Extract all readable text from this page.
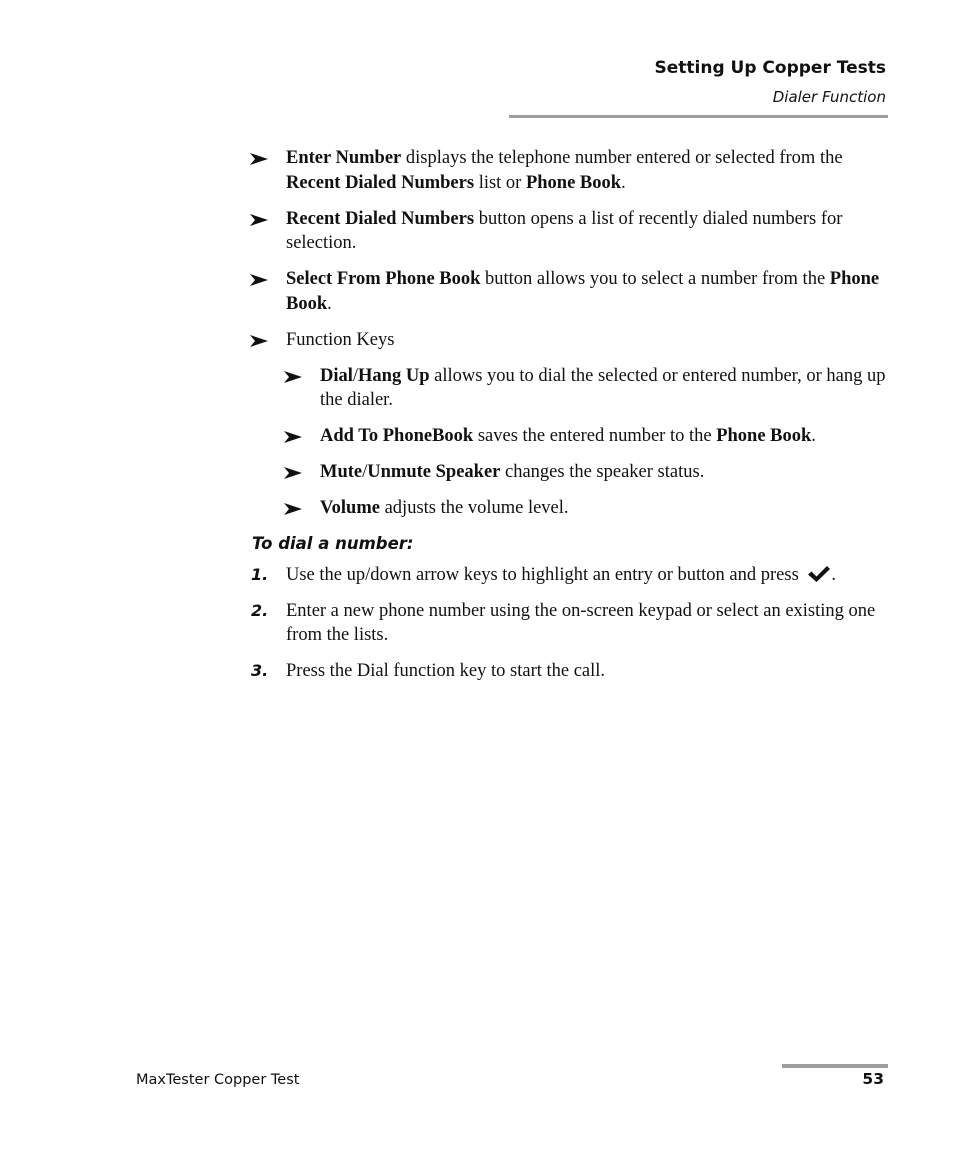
Setting Up Copper Tests
Dialer Function
Enter Number displays the telephone number entered or selected from the Recent Dialed Numbers list or Phone Book.
Recent Dialed Numbers button opens a list of recently dialed numbers for selection.
Select From Phone Book button allows you to select a number from the Phone Book.
Function Keys
Dial/Hang Up allows you to dial the selected or entered number, or hang up the dialer.
Add To PhoneBook saves the entered number to the Phone Book.
Mute/Unmute Speaker changes the speaker status.
Volume adjusts the volume level.
To dial a number:
1. Use the up/down arrow keys to highlight an entry or button and press .
2. Enter a new phone number using the on-screen keypad or select an existing one from the lists.
3. Press the Dial function key to start the call.
MaxTester Copper Test	53
